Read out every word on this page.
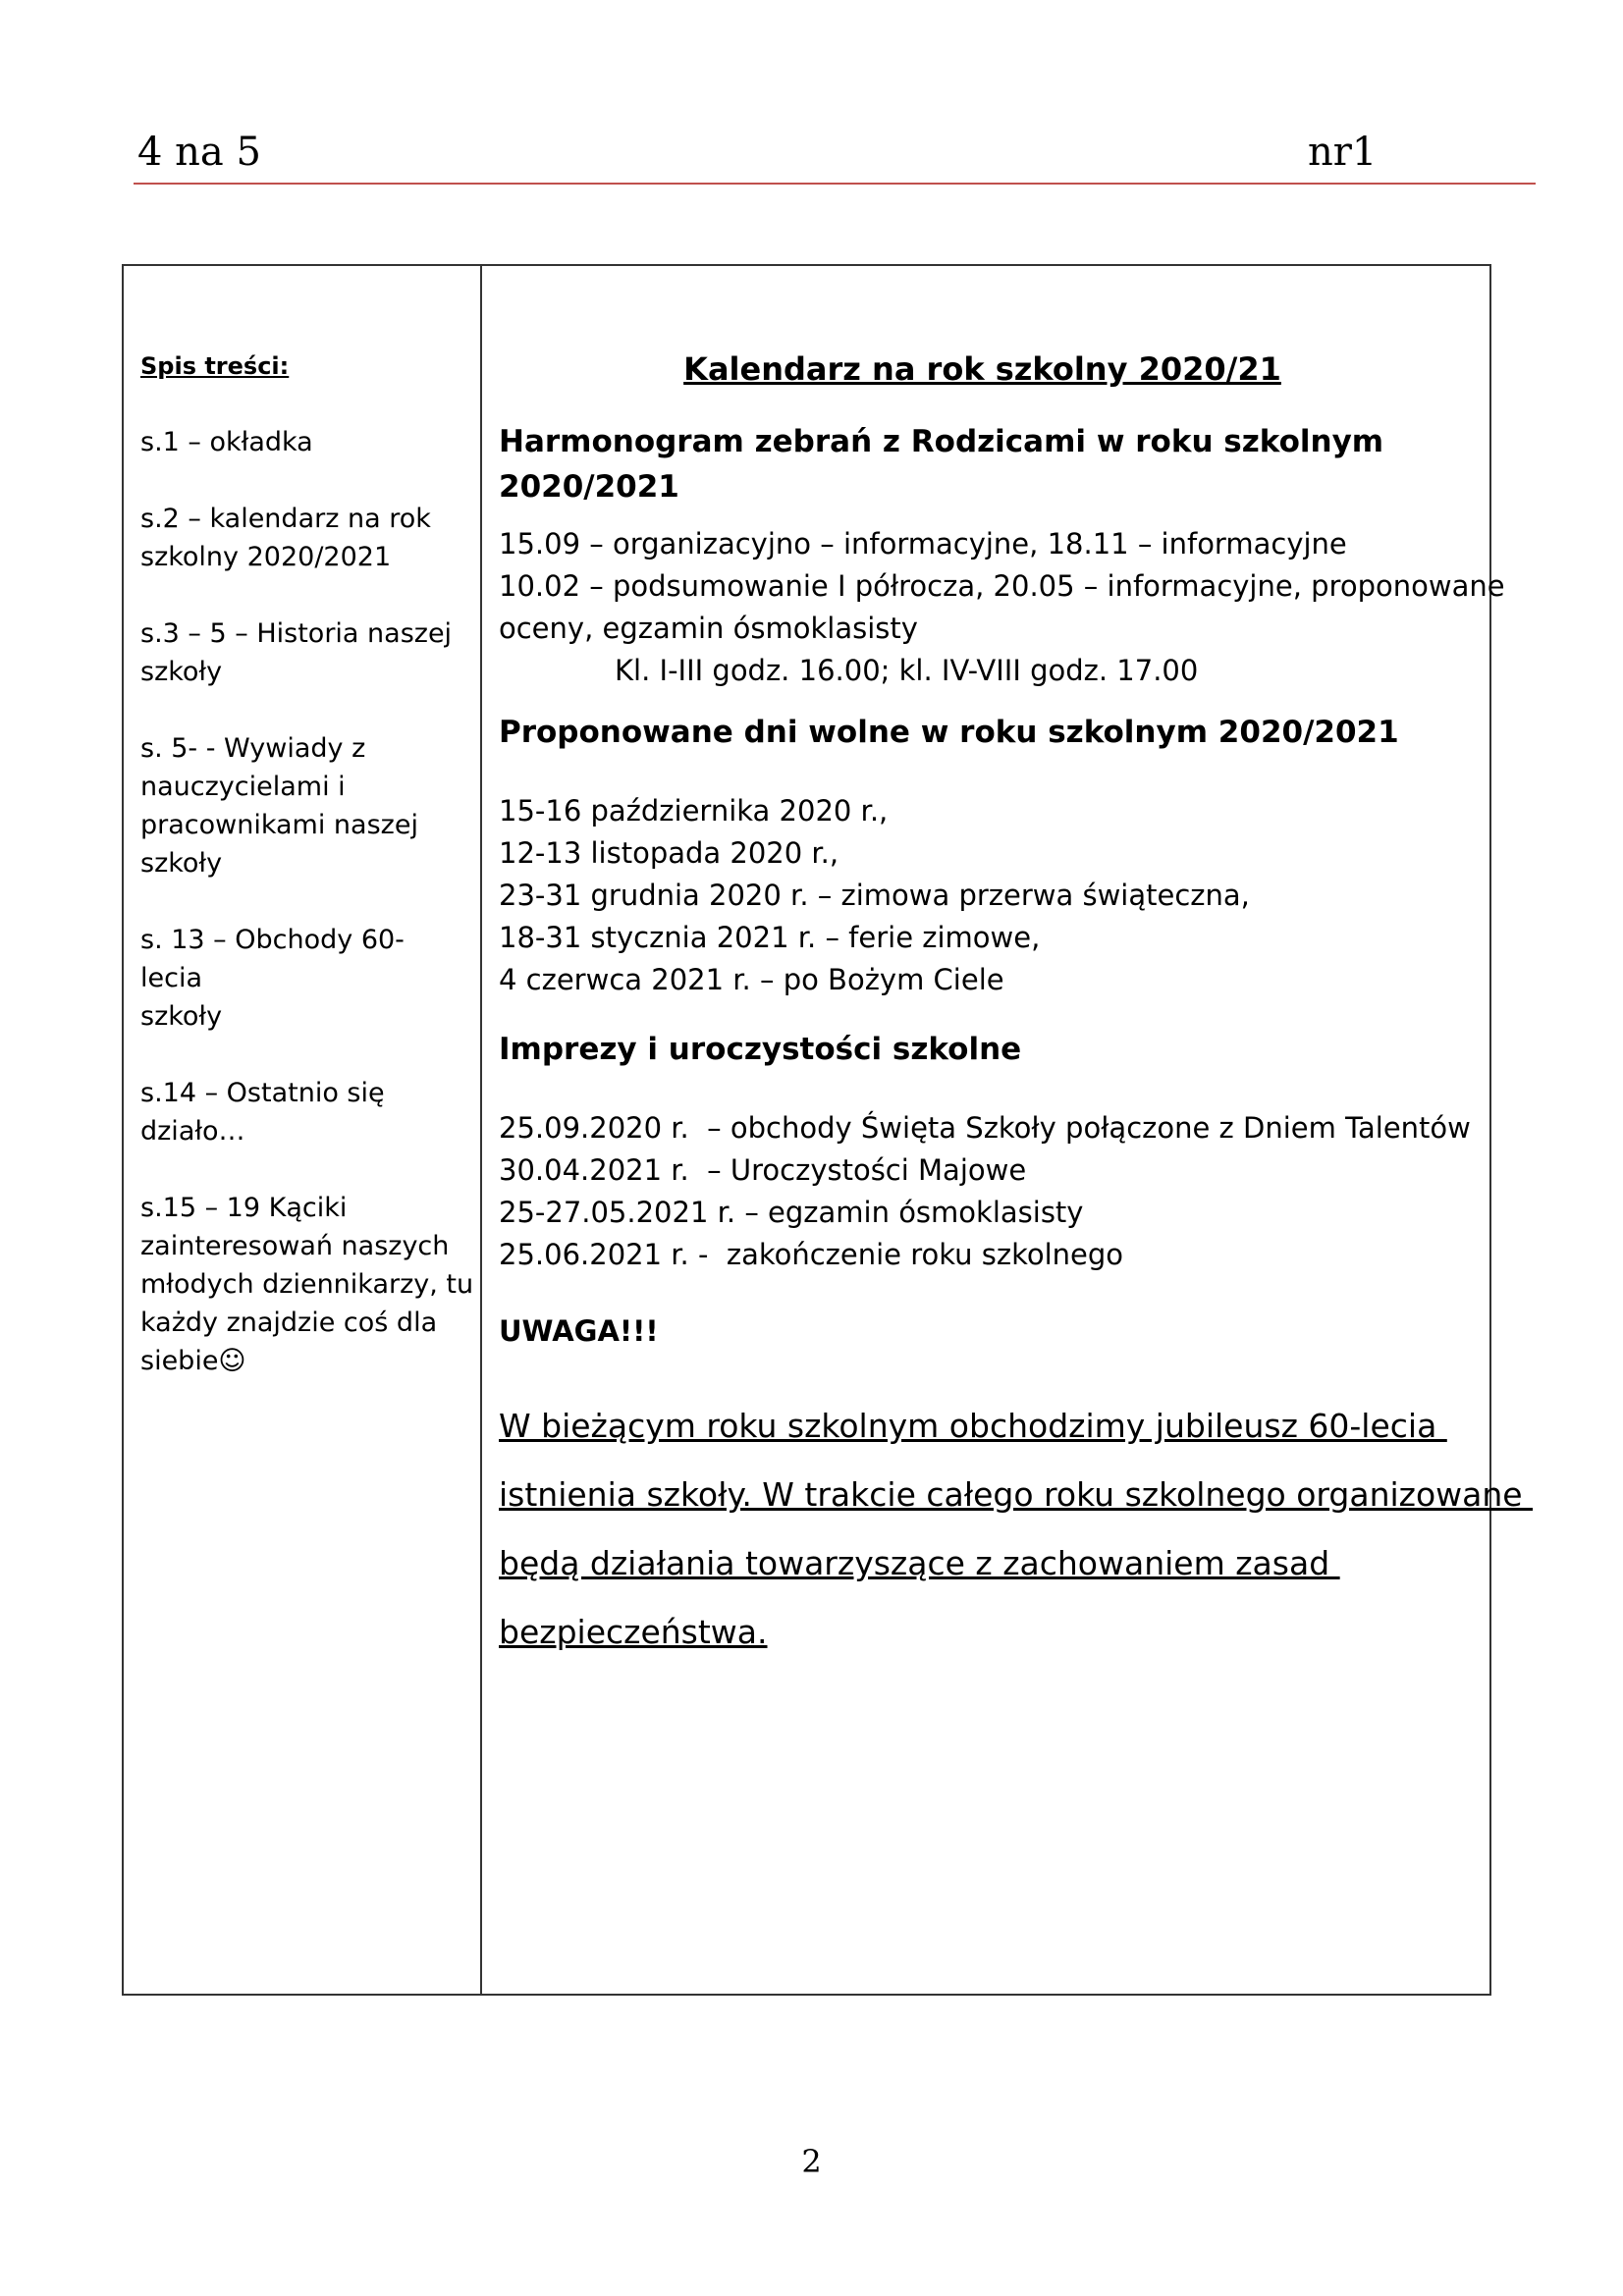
4 na 5	nr1
Spis treści:
s.1 – okładka
s.2 – kalendarz na rok
szkolny 2020/2021
s.3 – 5 – Historia naszej
szkoły
s. 5- - Wywiady z
nauczycielami i
pracownikami naszej
szkoły
s. 13 – Obchody 60- lecia
szkoły
s.14 – Ostatnio się działo…
s.15 – 19 Kąciki
zainteresowań naszych
młodych dziennikarzy, tu
każdy znajdzie coś dla
siebie☺
Kalendarz na rok szkolny 2020/21
Harmonogram zebrań z Rodzicami w roku szkolnym
2020/2021
15.09 – organizacyjno – informacyjne, 18.11 – informacyjne
10.02 – podsumowanie I półrocza, 20.05 – informacyjne, proponowane
oceny, egzamin ósmoklasisty
Kl. I-III godz. 16.00; kl. IV-VIII godz. 17.00
Proponowane dni wolne w roku szkolnym 2020/2021
15-16 października 2020 r.,
12-13 listopada 2020 r.,
23-31 grudnia 2020 r. – zimowa przerwa świąteczna,
18-31 stycznia 2021 r. – ferie zimowe,
4 czerwca 2021 r. – po Bożym Ciele
Imprezy i uroczystości szkolne
25.09.2020 r.  – obchody Święta Szkoły połączone z Dniem Talentów
30.04.2021 r.  – Uroczystości Majowe
25-27.05.2021 r. – egzamin ósmoklasisty
25.06.2021 r. -  zakończenie roku szkolnego
UWAGA!!!
W bieżącym roku szkolnym obchodzimy jubileusz 60-lecia
istnienia szkoły. W trakcie całego roku szkolnego organizowane
będą działania towarzyszące z zachowaniem zasad
bezpieczeństwa.
2
